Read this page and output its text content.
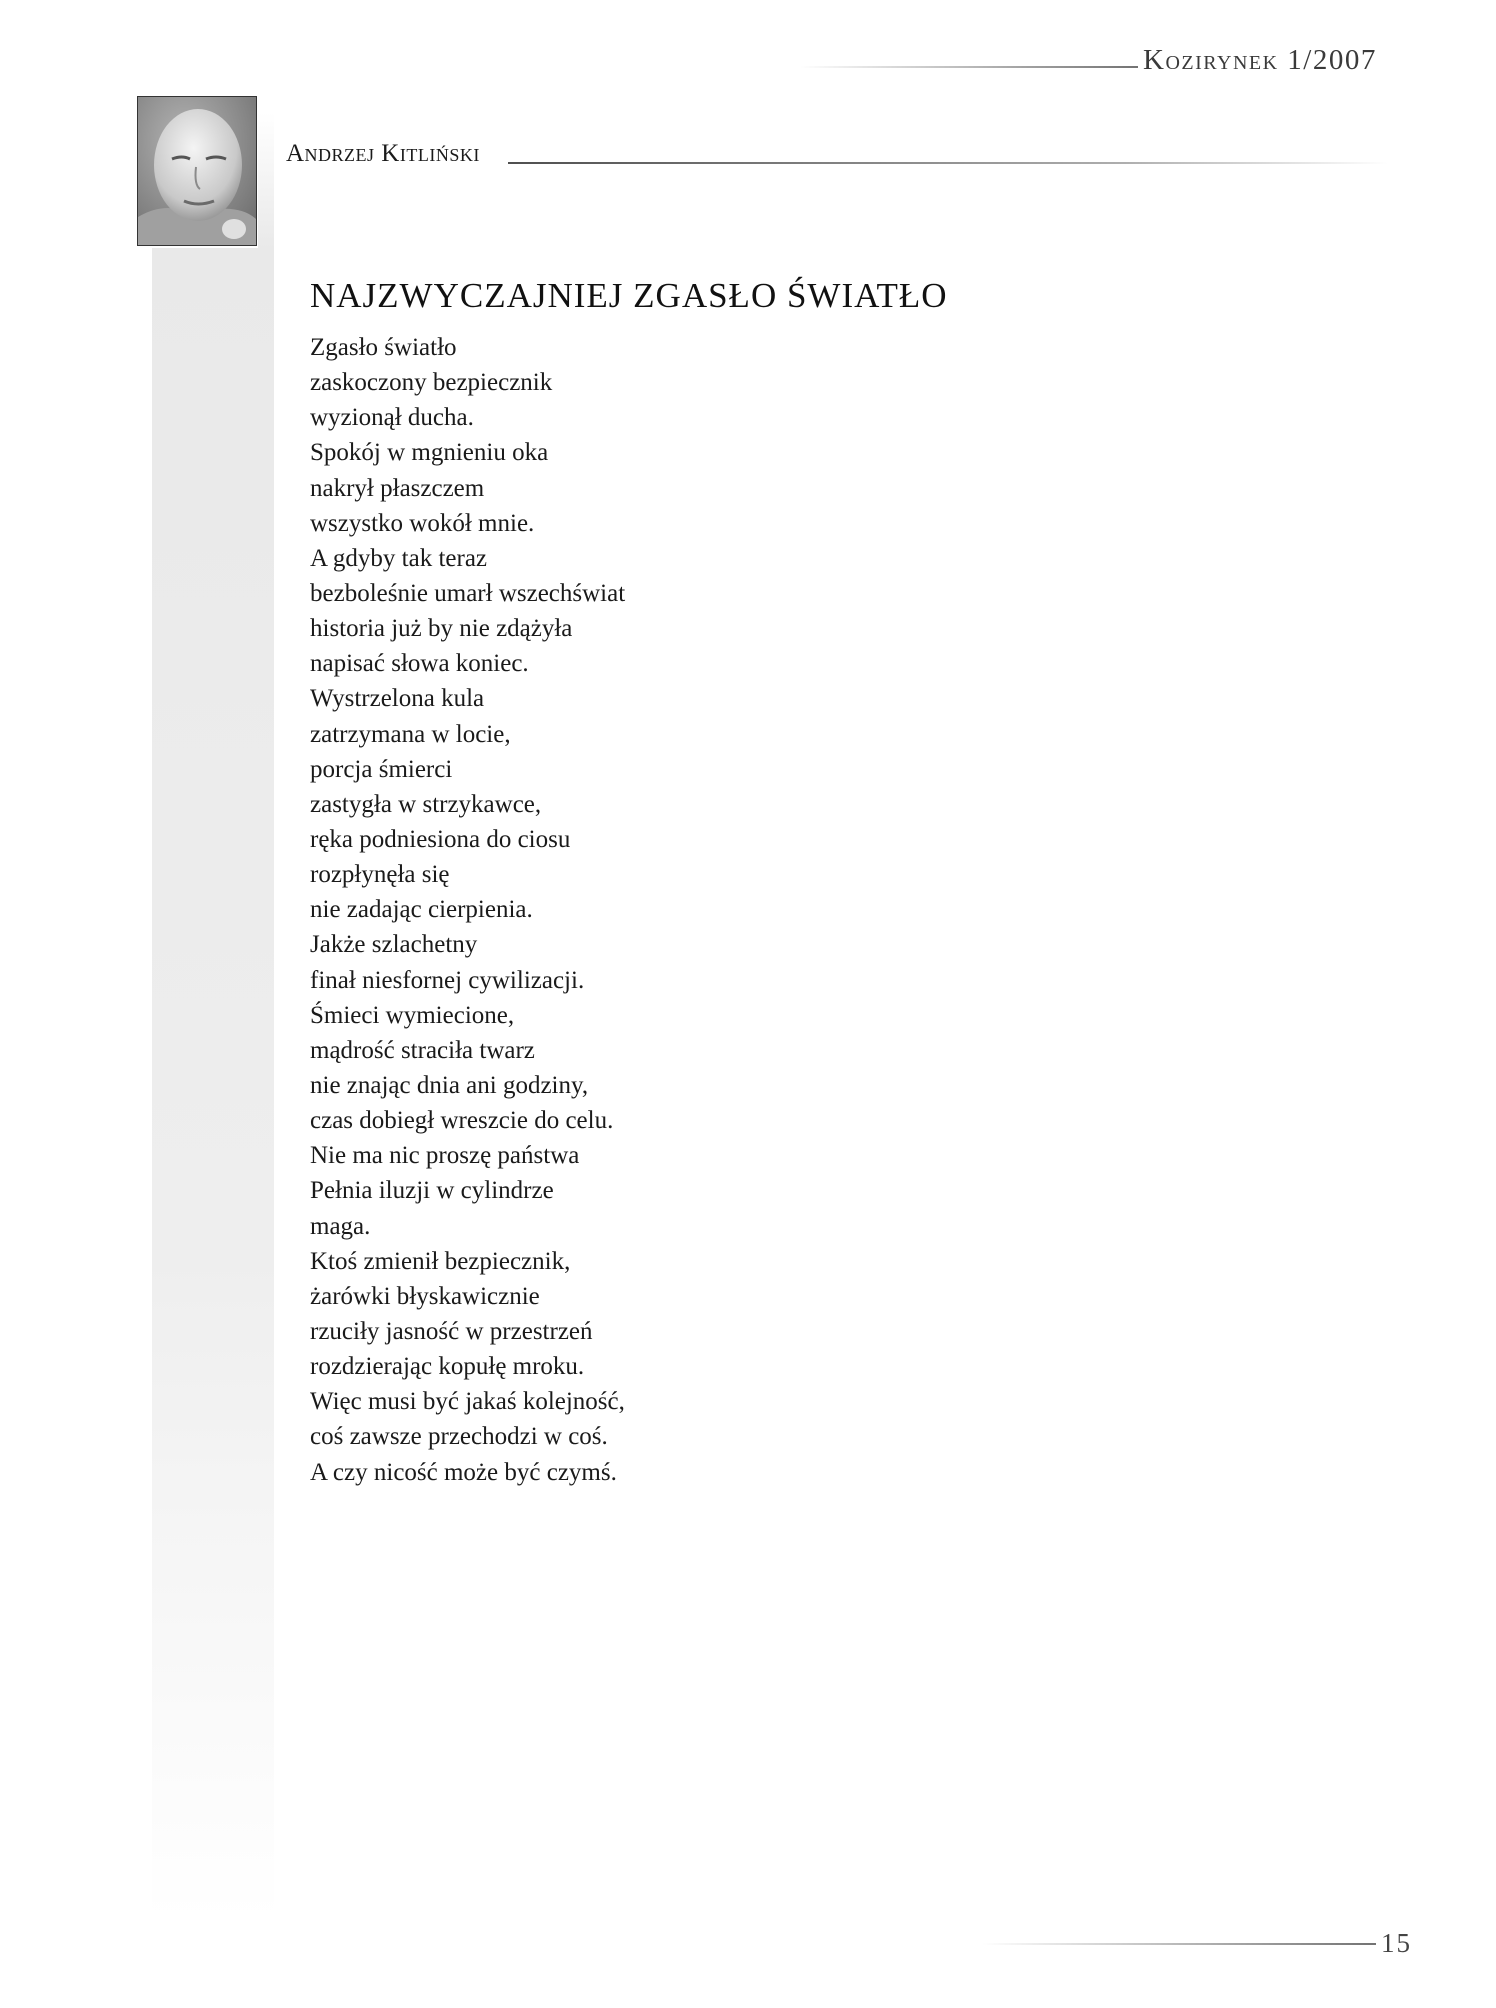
Kozirynek 1/2007
Andrzej Kitliński
NAJZWYCZAJNIEJ ZGASŁO ŚWIATŁO
Zgasło światło
zaskoczony bezpiecznik
wyzionął ducha.
Spokój w mgnieniu oka
nakrył płaszczem
wszystko wokół mnie.
A gdyby tak teraz
bezboleśnie umarł wszechświat
historia już by nie zdążyła
napisać słowa koniec.
Wystrzelona kula
zatrzymana w locie,
porcja śmierci
zastygła w strzykawce,
ręka podniesiona do ciosu
rozpłynęła się
nie zadając cierpienia.
Jakże szlachetny
finał niesfornej cywilizacji.
Śmieci wymiecione,
mądrość straciła twarz
nie znając dnia ani godziny,
czas dobiegł wreszcie do celu.
Nie ma nic proszę państwa
Pełnia iluzji w cylindrze
maga.
Ktoś zmienił bezpiecznik,
żarówki błyskawicznie
rzuciły jasność w przestrzeń
rozdzierając kopułę mroku.
Więc musi być jakaś kolejność,
coś zawsze przechodzi w coś.
A czy nicość może być czymś.
15
